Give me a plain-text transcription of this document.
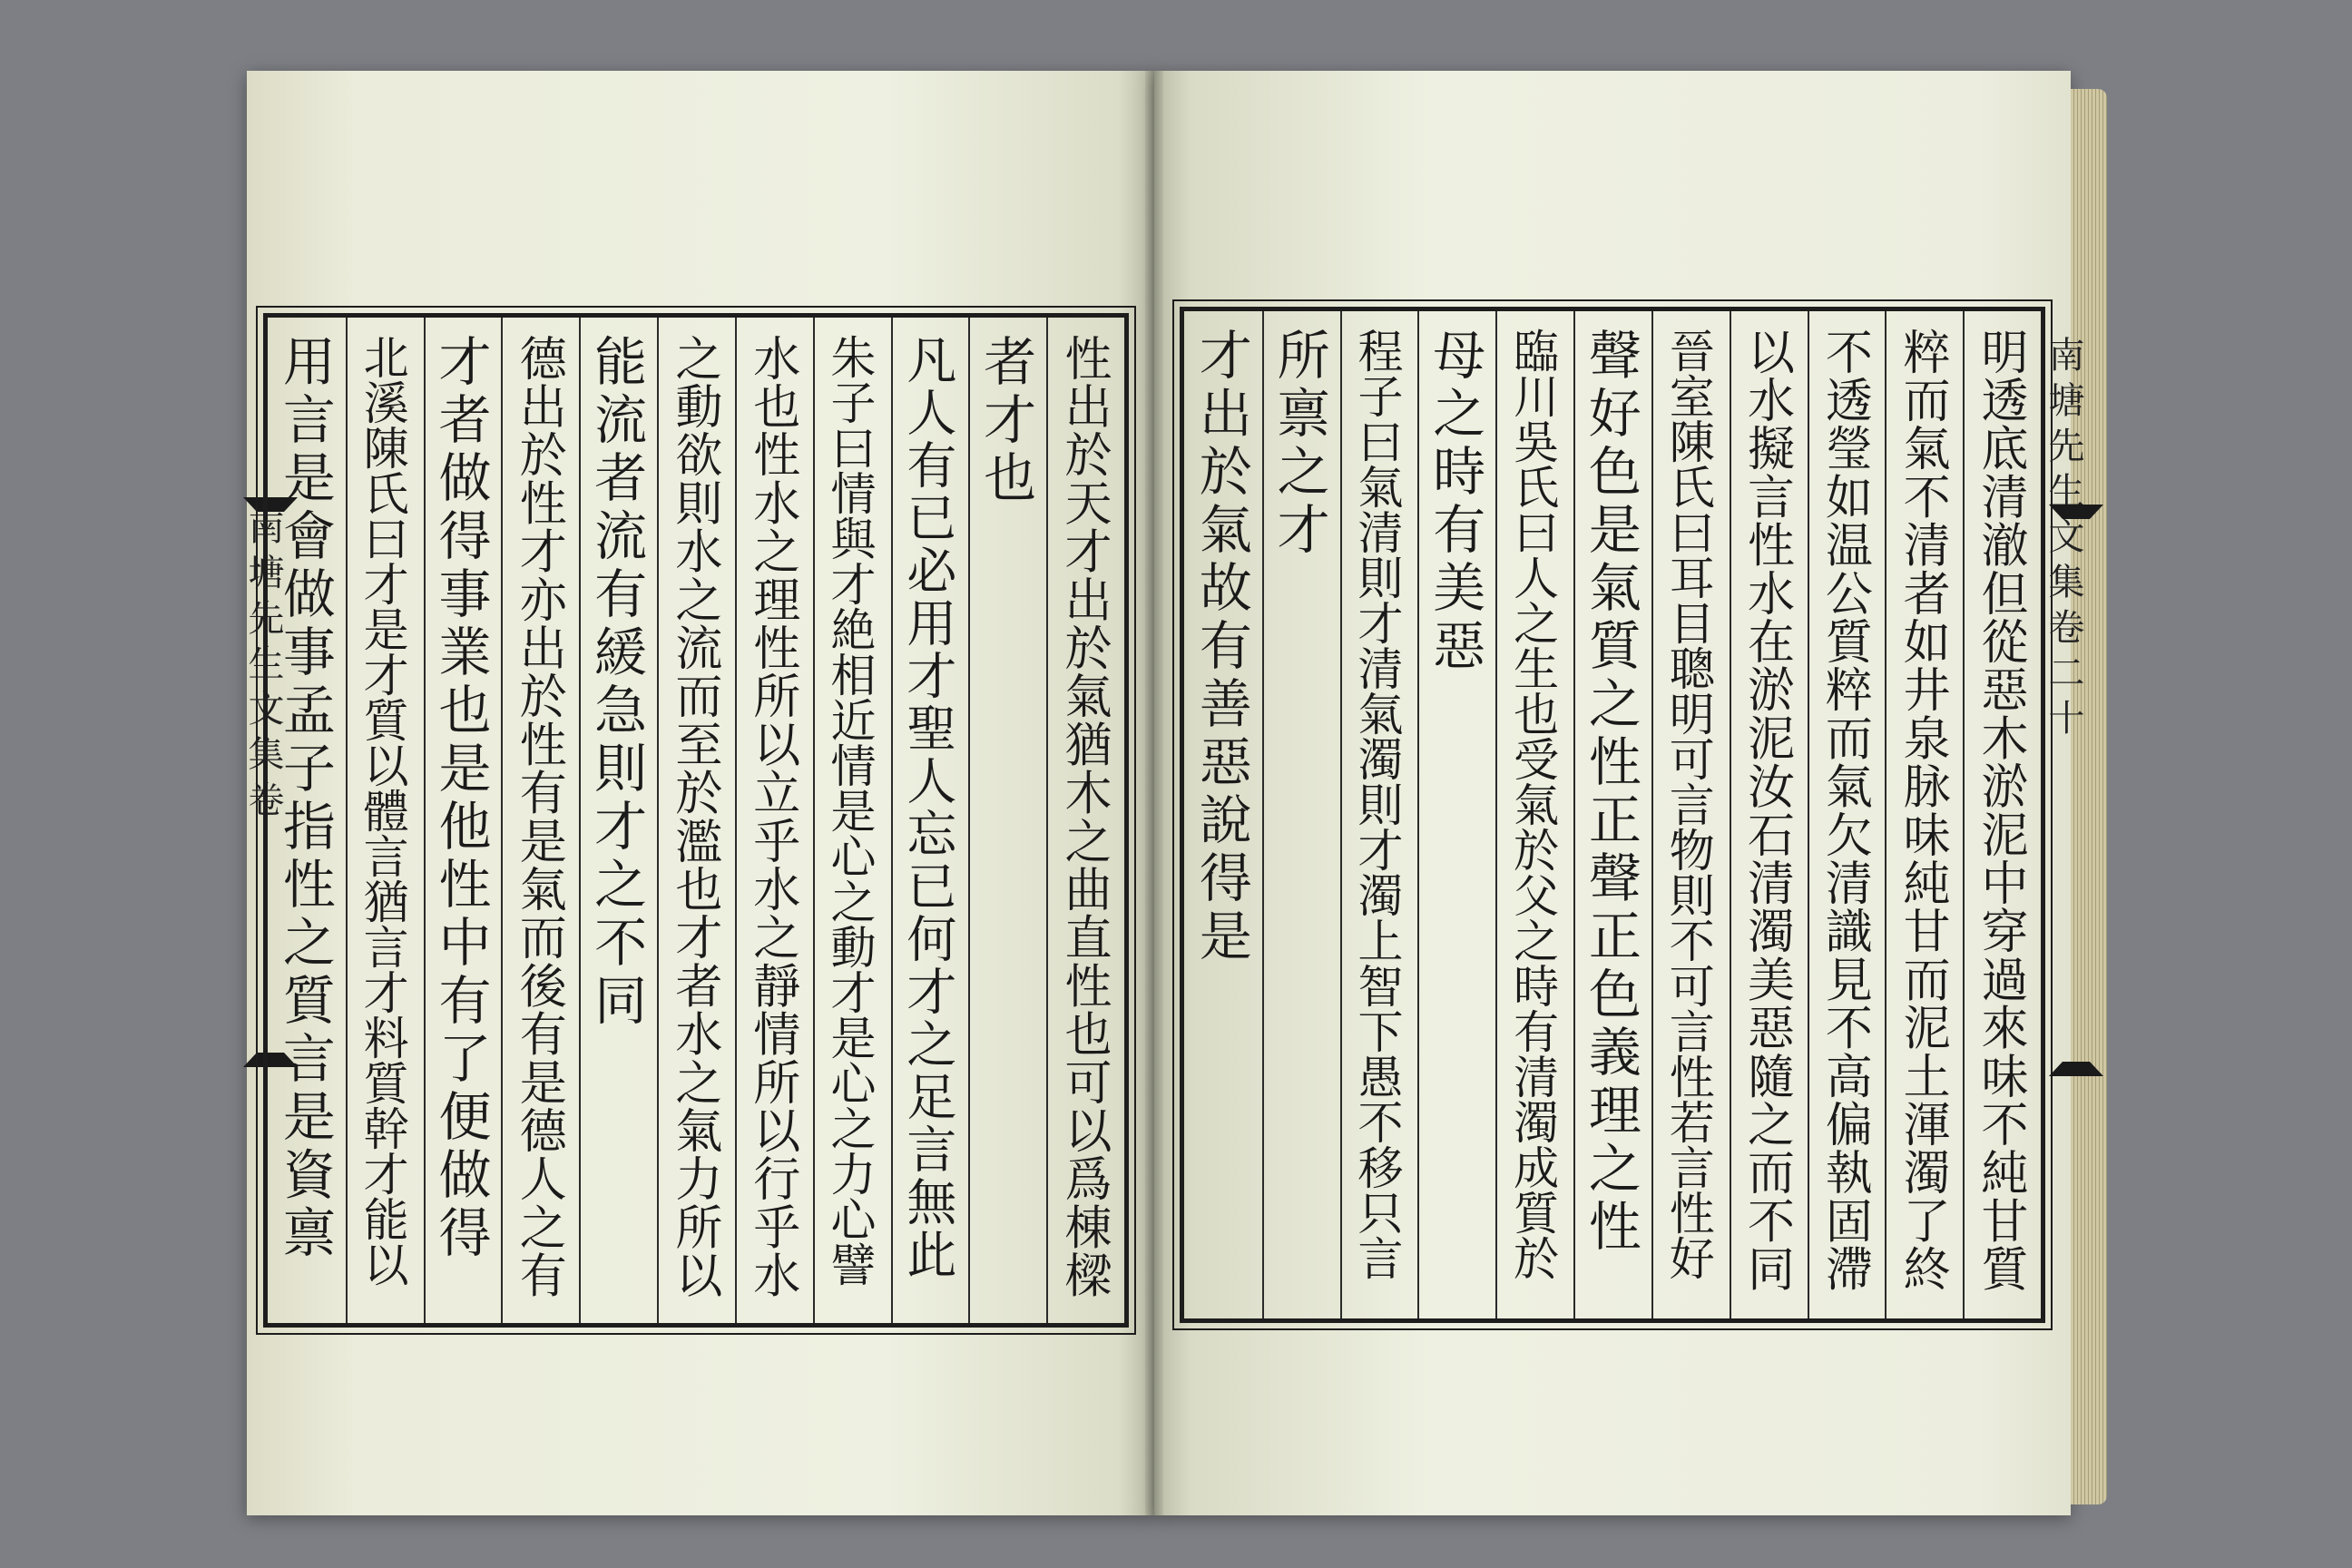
南塘先生文集卷	性出於天才出於氣猶木之曲直性也可以爲棟樑
者才也
凡人有已必用才聖人忘已何才之足言無此
朱子曰情與才絶相近情是心之動才是心之力心譬
水也性水之理性所以立乎水之靜情所以行乎水
之動欲則水之流而至於濫也才者水之氣力所以
能流者流有緩急則才之不同
德出於性才亦出於性有是氣而後有是德人之有
才者做得事業也是他性中有了便做得
北溪陳氏曰才是才質以體言猶言才料質幹才能以
用言是會做事孟子指性之質言是資禀	明透底清澈但從惡木淤泥中穿過來味不純甘質
粹而氣不清者如井泉脉味純甘而泥土渾濁了終
不透瑩如温公質粹而氣欠清識見不高偏執固滯
以水擬言性水在淤泥汝石清濁美惡隨之而不同
晉室陳氏曰耳目聰明可言物則不可言性若言性好
聲好色是氣質之性正聲正色義理之性
臨川吳氏曰人之生也受氣於父之時有清濁成質於
母之時有美惡
程子曰氣清則才清氣濁則才濁上智下愚不移只言
所禀之才
才出於氣故有善惡說得是	南塘先生文集卷二十
